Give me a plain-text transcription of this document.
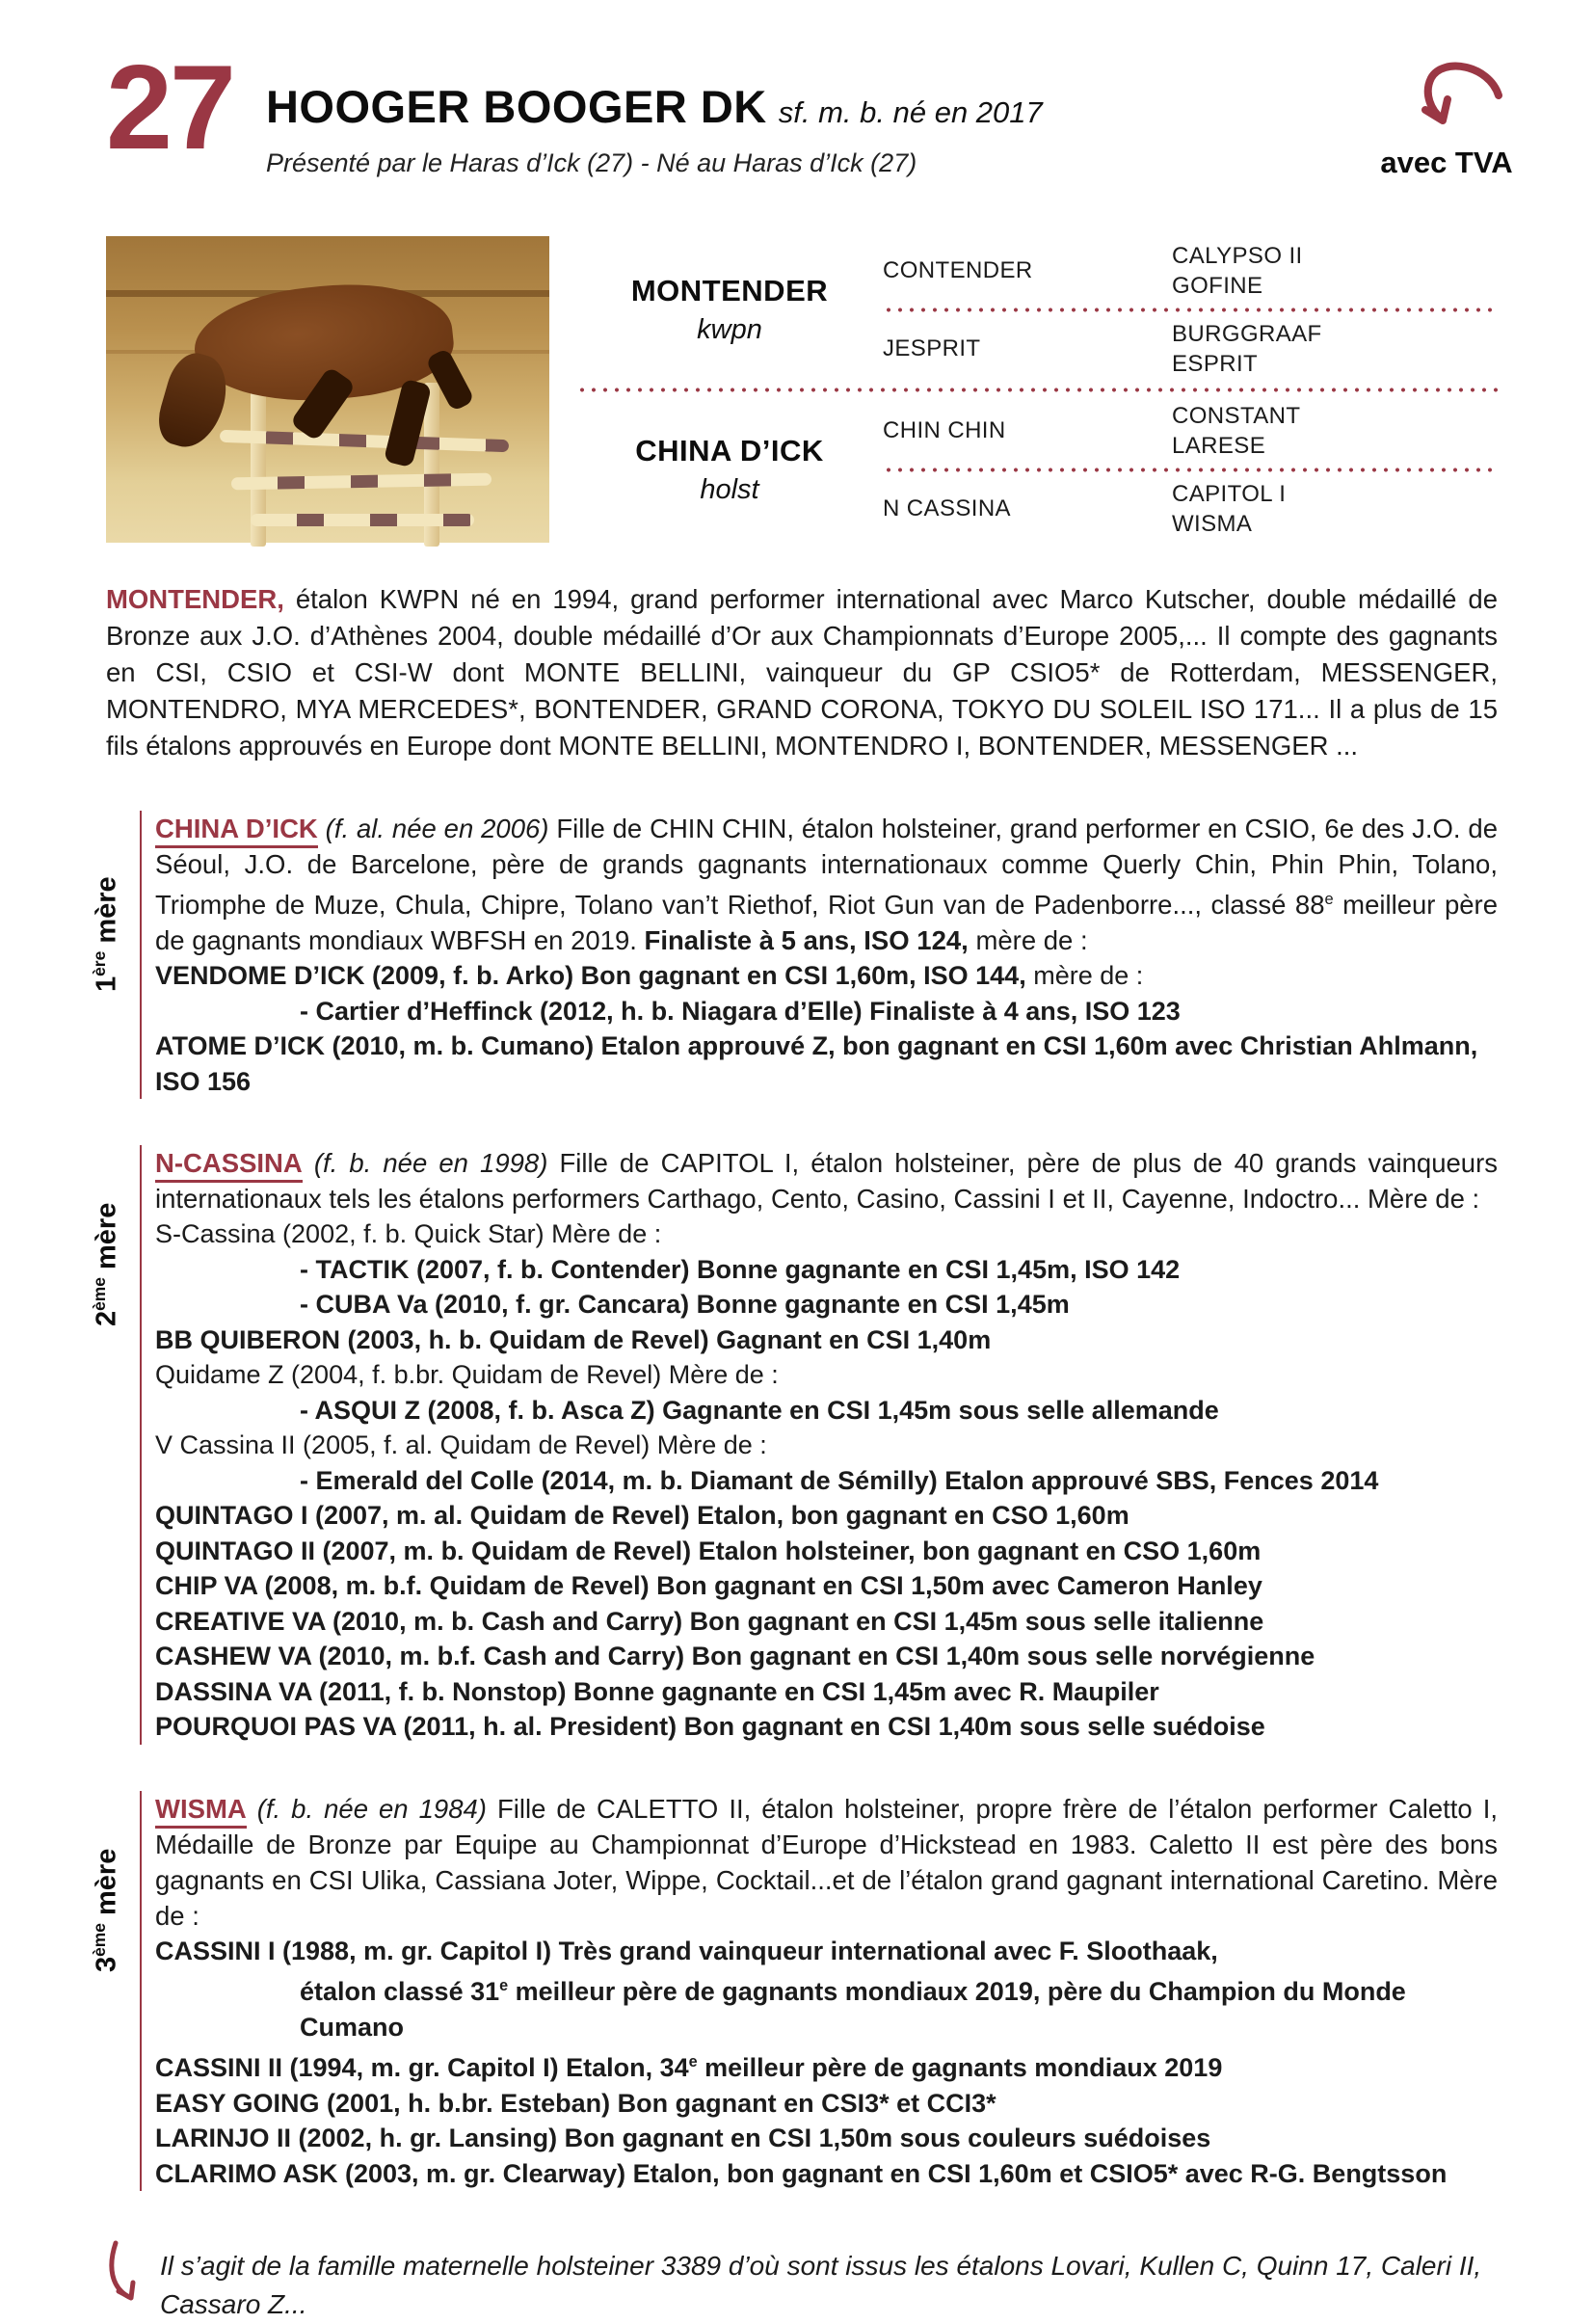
27 HOOGER BOOGER DK sf. m. b. né en 2017
Présenté par le Haras d’Ick (27) - Né au Haras d’Ick (27)	avec TVA
MONTENDER
kwpn
CONTENDER
CALYPSO II
GOFINE
JESPRIT
BURGGRAAF
ESPRIT
CHINA D’ICK
holst
CHIN CHIN
CONSTANT
LARESE
N CASSINA
CAPITOL I
WISMA

MONTENDER, étalon KWPN né en 1994, grand performer international avec Marco Kutscher, double médaillé de Bronze aux J.O. d’Athènes 2004, double médaillé d’Or aux Championnats d’Europe 2005,... Il compte des gagnants en CSI, CSIO et CSI-W dont MONTE BELLINI, vainqueur du GP CSIO5* de Rotterdam, MESSENGER, MONTENDRO, MYA MERCEDES*, BONTENDER, GRAND CORONA, TOKYO DU SOLEIL ISO 171... Il a plus de 15 fils étalons approuvés en Europe dont MONTE BELLINI, MONTENDRO I, BONTENDER, MESSENGER ...

1ère mère

CHINA D’ICK (f. al. née en 2006) Fille de CHIN CHIN, étalon holsteiner, grand performer en CSIO, 6e des J.O. de Séoul, J.O. de Barcelone, père de grands gagnants internationaux comme Querly Chin, Phin Phin, Tolano, Triomphe de Muze, Chula, Chipre, Tolano van’t Riethof, Riot Gun van de Padenborre..., classé 88e meilleur père de gagnants mondiaux WBFSH en 2019. Finaliste à 5 ans, ISO 124, mère de :

VENDOME D’ICK (2009, f. b. Arko) Bon gagnant en CSI 1,60m, ISO 144, mère de :
- Cartier d’Heffinck (2012, h. b. Niagara d’Elle) Finaliste à 4 ans, ISO 123
ATOME D’ICK (2010, m. b. Cumano) Etalon approuvé Z, bon gagnant en CSI 1,60m avec Christian Ahlmann, ISO 156
2ème mère

N-CASSINA (f. b. née en 1998) Fille de CAPITOL I, étalon holsteiner, père de plus de 40 grands vainqueurs internationaux tels les étalons performers Carthago, Cento, Casino, Cassini I et II, Cayenne, Indoctro... Mère de :

S-Cassina (2002, f. b. Quick Star) Mère de :
- TACTIK (2007, f. b. Contender) Bonne gagnante en CSI 1,45m, ISO 142
- CUBA Va (2010, f. gr. Cancara) Bonne gagnante en CSI 1,45m
BB QUIBERON (2003, h. b. Quidam de Revel) Gagnant en CSI 1,40m
Quidame Z (2004, f. b.br. Quidam de Revel) Mère de :
- ASQUI Z (2008, f. b. Asca Z) Gagnante en CSI 1,45m sous selle allemande
V Cassina II (2005, f. al. Quidam de Revel) Mère de :
- Emerald del Colle (2014, m. b. Diamant de Sémilly) Etalon approuvé SBS, Fences 2014
QUINTAGO I (2007, m. al. Quidam de Revel) Etalon, bon gagnant en CSO 1,60m
QUINTAGO II (2007, m. b. Quidam de Revel) Etalon holsteiner, bon gagnant en CSO 1,60m
CHIP VA (2008, m. b.f. Quidam de Revel) Bon gagnant en CSI 1,50m avec Cameron Hanley
CREATIVE VA (2010, m. b. Cash and Carry) Bon gagnant en CSI 1,45m sous selle italienne
CASHEW VA (2010, m. b.f. Cash and Carry) Bon gagnant en CSI 1,40m sous selle norvégienne
DASSINA VA (2011, f. b. Nonstop) Bonne gagnante en CSI 1,45m avec R. Maupiler
POURQUOI PAS VA (2011, h. al. President) Bon gagnant en CSI 1,40m sous selle suédoise
3ème mère

WISMA (f. b. née en 1984) Fille de CALETTO II, étalon holsteiner, propre frère de l’étalon performer Caletto I, Médaille de Bronze par Equipe au Championnat d’Europe d’Hickstead en 1983. Caletto II est père des bons gagnants en CSI Ulika, Cassiana Joter, Wippe, Cocktail...et de l’étalon grand gagnant international Caretino. Mère de :

CASSINI I (1988, m. gr. Capitol I) Très grand vainqueur international avec F. Sloothaak,
étalon classé 31e meilleur père de gagnants mondiaux 2019, père du Champion du Monde Cumano
CASSINI II (1994, m. gr. Capitol I) Etalon, 34e meilleur père de gagnants mondiaux 2019
EASY GOING (2001, h. b.br. Esteban) Bon gagnant en CSI3* et CCI3*
LARINJO II (2002, h. gr. Lansing) Bon gagnant en CSI 1,50m sous couleurs suédoises
CLARIMO ASK (2003, m. gr. Clearway) Etalon, bon gagnant en CSI 1,60m et CSIO5* avec R-G. Bengtsson

Il s’agit de la famille maternelle holsteiner 3389 d’où sont issus les étalons Lovari, Kullen C, Quinn 17, Caleri II, Cassaro Z...
